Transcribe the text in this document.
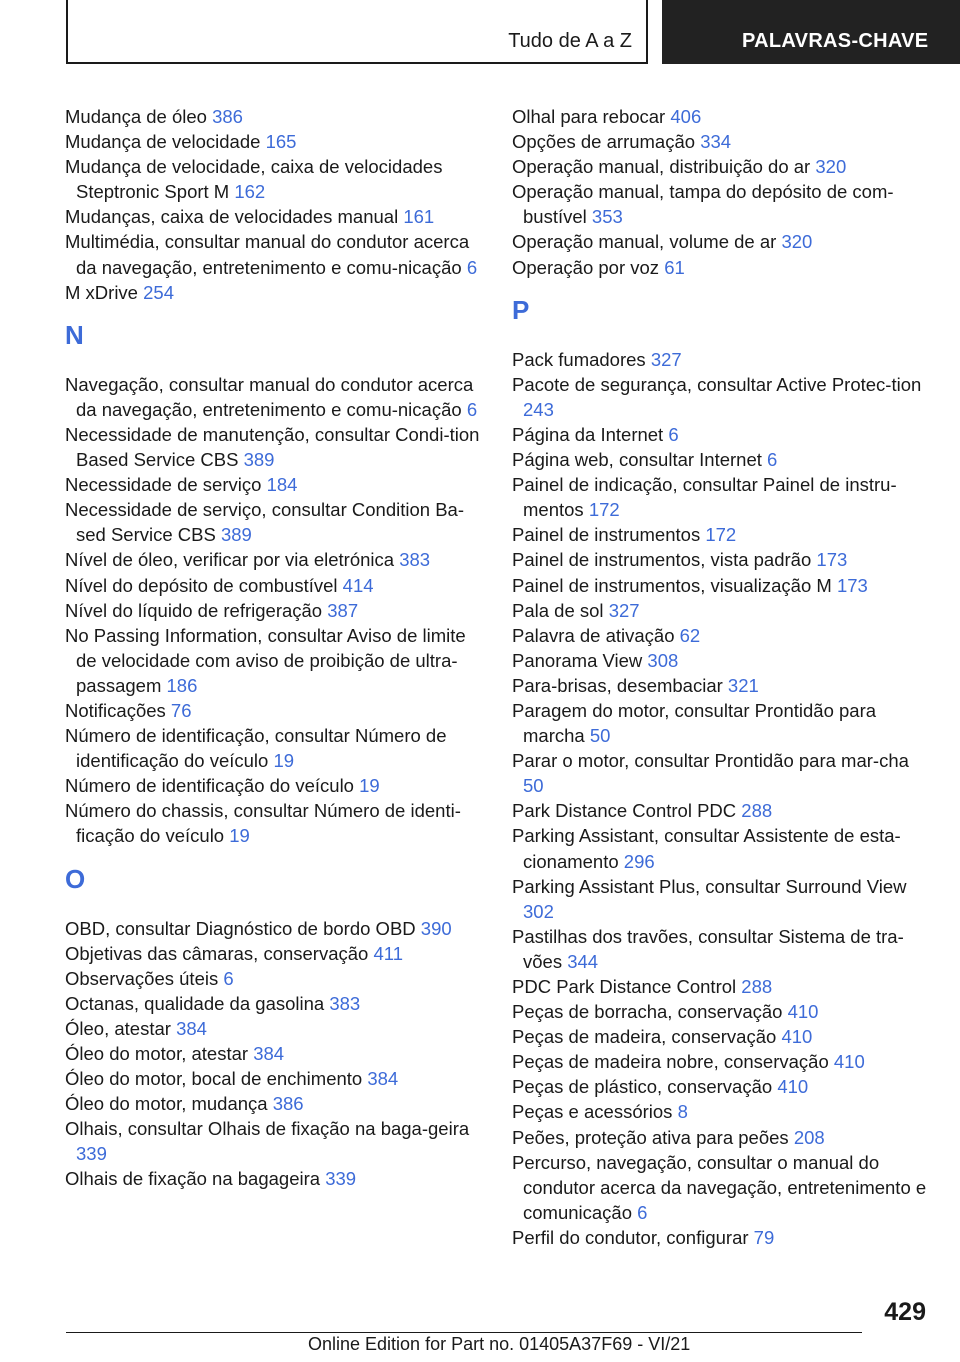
Tudo de A a Z	PALAVRAS-CHAVE
Mudança de óleo 386
Mudança de velocidade 165
Mudança de velocidade, caixa de velocidades Steptronic Sport M 162
Mudanças, caixa de velocidades manual 161
Multimédia, consultar manual do condutor acerca da navegação, entretenimento e comu-nicação 6
M xDrive 254
N
Navegação, consultar manual do condutor acerca da navegação, entretenimento e comu-nicação 6
Necessidade de manutenção, consultar Condi-tion Based Service CBS 389
Necessidade de serviço 184
Necessidade de serviço, consultar Condition Ba-sed Service CBS 389
Nível de óleo, verificar por via eletrónica 383
Nível do depósito de combustível 414
Nível do líquido de refrigeração 387
No Passing Information, consultar Aviso de limite de velocidade com aviso de proibição de ultra-passagem 186
Notificações 76
Número de identificação, consultar Número de identificação do veículo 19
Número de identificação do veículo 19
Número do chassis, consultar Número de identi-ficação do veículo 19
O
OBD, consultar Diagnóstico de bordo OBD 390
Objetivas das câmaras, conservação 411
Observações úteis 6
Octanas, qualidade da gasolina 383
Óleo, atestar 384
Óleo do motor, atestar 384
Óleo do motor, bocal de enchimento 384
Óleo do motor, mudança 386
Olhais, consultar Olhais de fixação na baga-geira 339
Olhais de fixação na bagageira 339
Olhal para rebocar 406
Opções de arrumação 334
Operação manual, distribuição do ar 320
Operação manual, tampa do depósito de com-bustível 353
Operação manual, volume de ar 320
Operação por voz 61
P
Pack fumadores 327
Pacote de segurança, consultar Active Protec-tion 243
Página da Internet 6
Página web, consultar Internet 6
Painel de indicação, consultar Painel de instru-mentos 172
Painel de instrumentos 172
Painel de instrumentos, vista padrão 173
Painel de instrumentos, visualização M 173
Pala de sol 327
Palavra de ativação 62
Panorama View 308
Para-brisas, desembaciar 321
Paragem do motor, consultar Prontidão para marcha 50
Parar o motor, consultar Prontidão para mar-cha 50
Park Distance Control PDC 288
Parking Assistant, consultar Assistente de esta-cionamento 296
Parking Assistant Plus, consultar Surround View 302
Pastilhas dos travões, consultar Sistema de tra-vões 344
PDC Park Distance Control 288
Peças de borracha, conservação 410
Peças de madeira, conservação 410
Peças de madeira nobre, conservação 410
Peças de plástico, conservação 410
Peças e acessórios 8
Peões, proteção ativa para peões 208
Percurso, navegação, consultar o manual do condutor acerca da navegação, entretenimento e comunicação 6
Perfil do condutor, configurar 79
429
Online Edition for Part no. 01405A37F69 - VI/21
